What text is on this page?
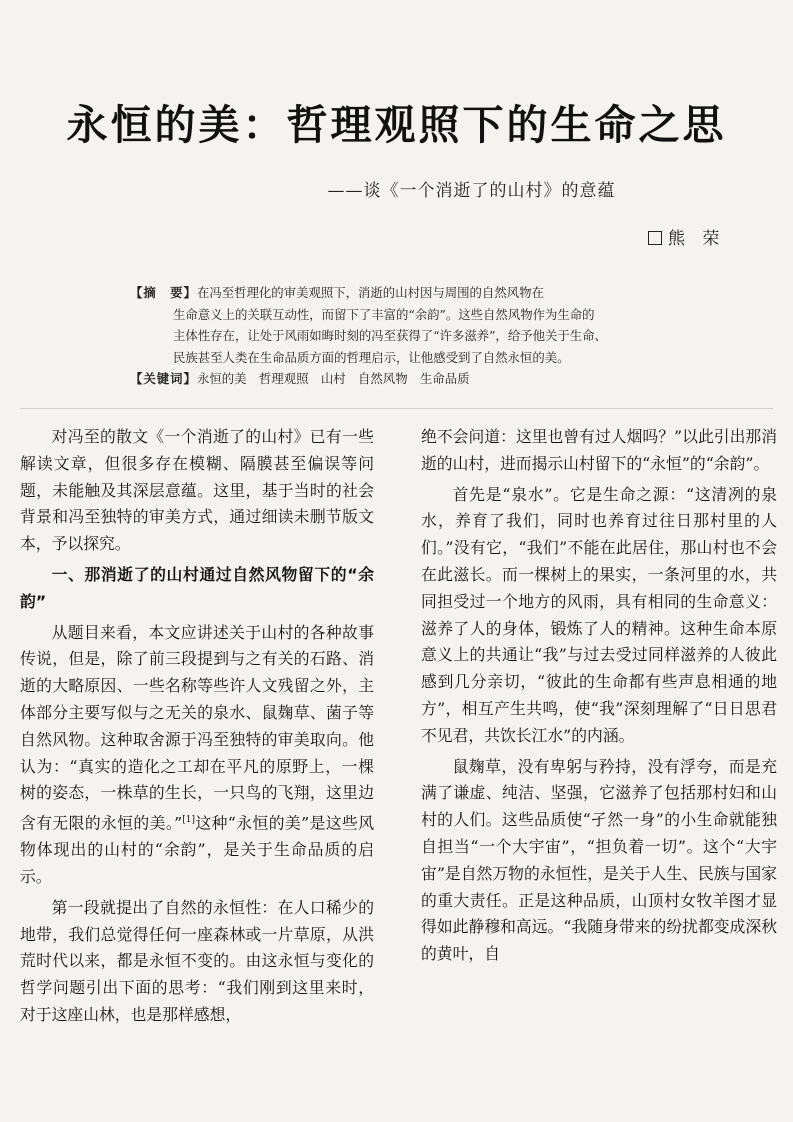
永恒的美：哲理观照下的生命之思
——谈《一个消逝了的山村》的意蕴
熊 荣

【摘　要】在冯至哲理化的审美观照下，消逝的山村因与周围的自然风物在

生命意义上的关联互动性，而留下了丰富的“余韵”。这些自然风物作为生命的

主体性存在，让处于风雨如晦时刻的冯至获得了“许多滋养”，给予他关于生命、

民族甚至人类在生命品质方面的哲理启示，让他感受到了自然永恒的美。

【关键词】永恒的美　哲理观照　山村　自然风物　生命品质

对冯至的散文《一个消逝了的山村》已有一些解读文章，但很多存在模糊、隔膜甚至偏误等问题，未能触及其深层意蕴。这里，基于当时的社会背景和冯至独特的审美方式，通过细读未删节版文本，予以探究。

一、那消逝了的山村通过自然风物留下的“余韵”

从题目来看，本文应讲述关于山村的各种故事传说，但是，除了前三段提到与之有关的石路、消逝的大略原因、一些名称等些许人文残留之外，主体部分主要写似与之无关的泉水、鼠麹草、菌子等自然风物。这种取舍源于冯至独特的审美取向。他认为：“真实的造化之工却在平凡的原野上，一棵树的姿态，一株草的生长，一只鸟的飞翔，这里边含有无限的永恒的美。”[1]这种“永恒的美”是这些风物体现出的山村的“余韵”，是关于生命品质的启示。

第一段就提出了自然的永恒性：在人口稀少的地带，我们总觉得任何一座森林或一片草原，从洪荒时代以来，都是永恒不变的。由这永恒与变化的哲学问题引出下面的思考：“我们刚到这里来时，对于这座山林，也是那样感想，

绝不会问道：这里也曾有过人烟吗？”以此引出那消逝的山村，进而揭示山村留下的“永恒”的“余韵”。

首先是“泉水”。它是生命之源：“这清冽的泉水，养育了我们，同时也养育过往日那村里的人们。”没有它，“我们”不能在此居住，那山村也不会在此滋长。而一棵树上的果实，一条河里的水，共同担受过一个地方的风雨，具有相同的生命意义：滋养了人的身体，锻炼了人的精神。这种生命本原意义上的共通让“我”与过去受过同样滋养的人彼此感到几分亲切，“彼此的生命都有些声息相通的地方”，相互产生共鸣，使“我”深刻理解了“日日思君不见君，共饮长江水”的内涵。

鼠麹草，没有卑躬与矜持，没有浮夸，而是充满了谦虚、纯洁、坚强，它滋养了包括那村妇和山村的人们。这些品质使“孑然一身”的小生命就能独自担当“一个大宇宙”，“担负着一切”。这个“大宇宙”是自然万物的永恒性，是关于人生、民族与国家的重大责任。正是这种品质，山顶村女牧羊图才显得如此静穆和高远。“我随身带来的纷扰都变成深秋的黄叶，自
